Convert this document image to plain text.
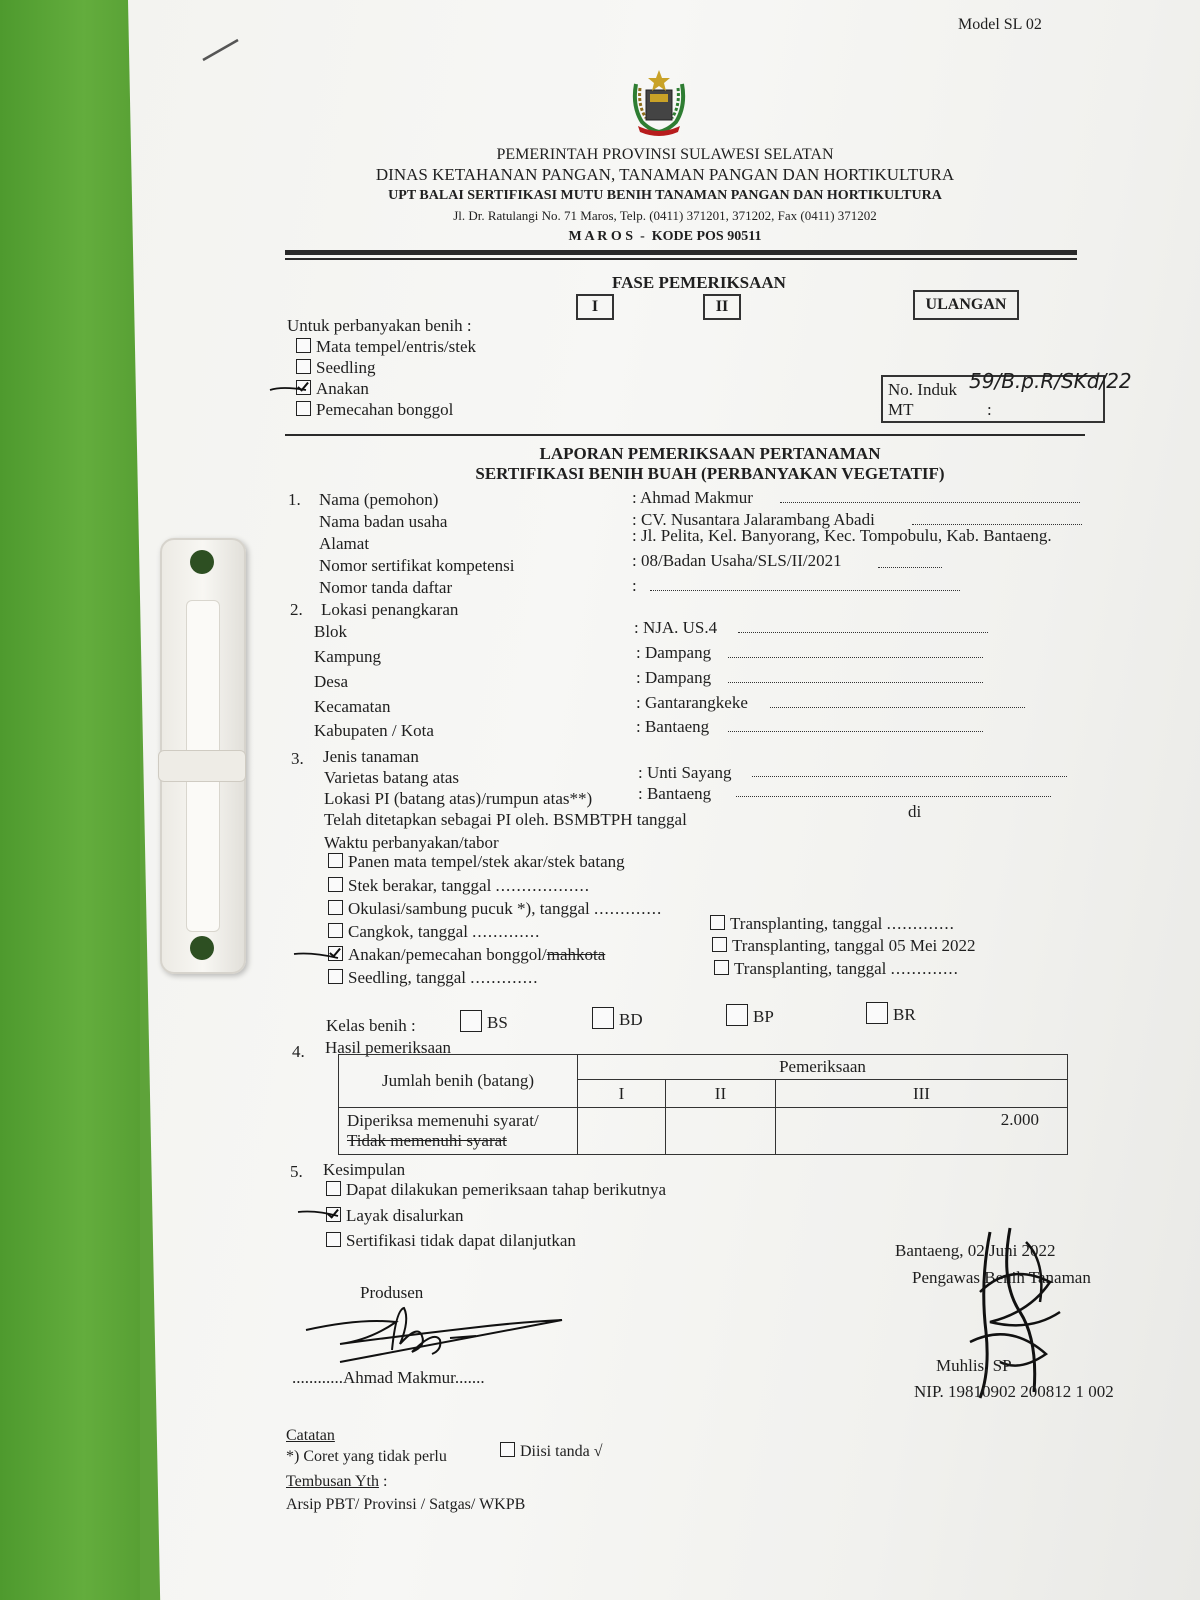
Model SL 02
PEMERINTAH PROVINSI SULAWESI SELATAN
DINAS KETAHANAN PANGAN, TANAMAN PANGAN DAN HORTIKULTURA
UPT BALAI SERTIFIKASI MUTU BENIH TANAMAN PANGAN DAN HORTIKULTURA
Jl. Dr. Ratulangi No. 71 Maros, Telp. (0411) 371201, 371202, Fax (0411) 371202
M A R O S  -  KODE POS 90511
FASE PEMERIKSAAN
I	II	ULANGAN
Untuk perbanyakan benih :
Mata tempel/entris/stek
Seedling
Anakan
Pemecahan bonggol
No. Induk 59/B.p.R/SKd/22
MT	:
LAPORAN PEMERIKSAAN PERTANAMAN
SERTIFIKASI BENIH BUAH (PERBANYAKAN VEGETATIF)
1. Nama (pemohon)	: Ahmad Makmur
Nama badan usaha	: CV. Nusantara Jalarambang Abadi
Alamat	: Jl. Pelita, Kel. Banyorang, Kec. Tompobulu, Kab. Bantaeng.
Nomor sertifikat kompetensi	: 08/Badan Usaha/SLS/II/2021
Nomor tanda daftar	:
2. Lokasi penangkaran
Blok	: NJA. US.4
Kampung	: Dampang
Desa	: Dampang
Kecamatan	: Gantarangkeke
Kabupaten / Kota	: Bantaeng
3. Jenis tanaman
Varietas batang atas	: Unti Sayang
Lokasi PI (batang atas)/rumpun atas**)	: Bantaeng
Telah ditetapkan sebagai PI oleh. BSMBTPH tanggal	di
Waktu perbanyakan/tabor
Panen mata tempel/stek akar/stek batang
Stek berakar, tanggal ..................
Okulasi/sambung pucuk *), tanggal .............
Cangkok, tanggal .............
Anakan/pemecahan bonggol/mahkota
Seedling, tanggal .............
Transplanting, tanggal .............
Transplanting, tanggal 05 Mei 2022
Transplanting, tanggal .............
Kelas benih :	BS	BD	BP	BR
4. Hasil pemeriksaan
Jumlah benih (batang)	Pemeriksaan		
	I	II	III
Diperiksa memenuhi syarat/
Tidak memenuhi syarat			2.000
5. Kesimpulan
Dapat dilakukan pemeriksaan tahap berikutnya
Layak disalurkan
Sertifikasi tidak dapat dilanjutkan
Bantaeng, 02 Juni 2022
Pengawas Benih Tanaman
Produsen
............Ahmad Makmur.......
Muhlis, SP
NIP. 19810902 200812 1 002
Catatan
*) Coret yang tidak perlu	Diisi tanda √
Tembusan Yth :
Arsip PBT/ Provinsi / Satgas/ WKPB
